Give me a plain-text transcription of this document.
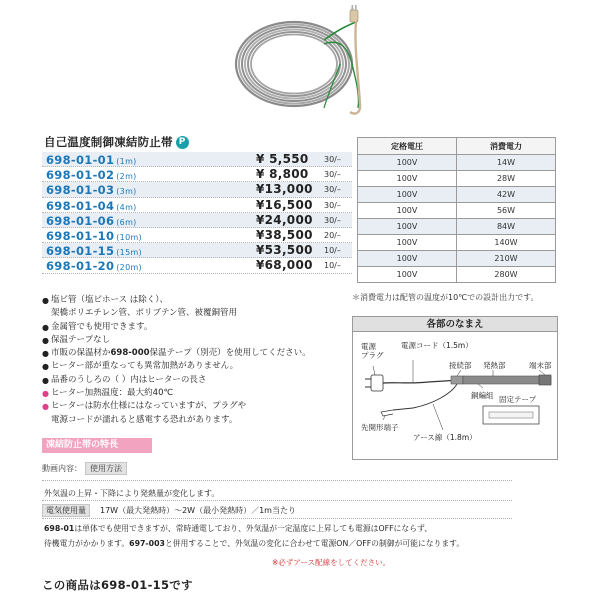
自己温度制御凍結防止帯 P
698-01-01 (1m)	¥ 5,550 30/–
698-01-02 (2m)	¥ 8,800 30/–
698-01-03 (3m)	¥13,000 30/–
698-01-04 (4m)	¥16,500 30/–
698-01-06 (6m)	¥24,000 30/–
698-01-10 (10m)	¥38,500 20/–
698-01-15 (15m)	¥53,500 10/–
698-01-20 (20m)	¥68,000 10/–
定格電圧	消費電力
100V	14W
100V	28W
100V	42W
100V	56W
100V	84W
100V	140W
100V	210W
100V	280W
＊消費電力は配管の温度が10℃での設計出力です。
● 塩ビ管（塩ビホース は除く）、
架橋ポリエチレン管、ポリブテン管、被覆銅管用
● 金属管でも使用できます。
● 保温テープなし
● 市販の保温材か698-000保温テープ（別売）を使用してください。
● ヒーター部が重なっても異常加熱がありません。
● 品番のうしろの（ ）内はヒーターの長さ
● ヒーター加熱温度：最大約40℃
● ヒーターは防水仕様にはなっていますが、プラグや
電源コードが濡れると感電する恐れがあります。
各部のなまえ
電源
プラグ
電源コード（1.5m）
接続部 発熱部	端末部
銅編組 固定テープ
先開形端子
アース線（1.8m）
凍結防止帯の特長
動画内容： 使用方法
外気温の上昇・下降により発熱量が変化します。
電気使用量 17W（最大発熱時）～2W（最小発熱時）／1m当たり
698-01は単体でも使用できますが、常時通電しており、外気温が一定温度に上昇しても電源はOFFにならず、
待機電力がかかります。697-003と併用することで、外気温の変化に合わせて電源ON／OFFの制御が可能になります。
※必ずアース配線をしてください。
この商品は698-01-15です
